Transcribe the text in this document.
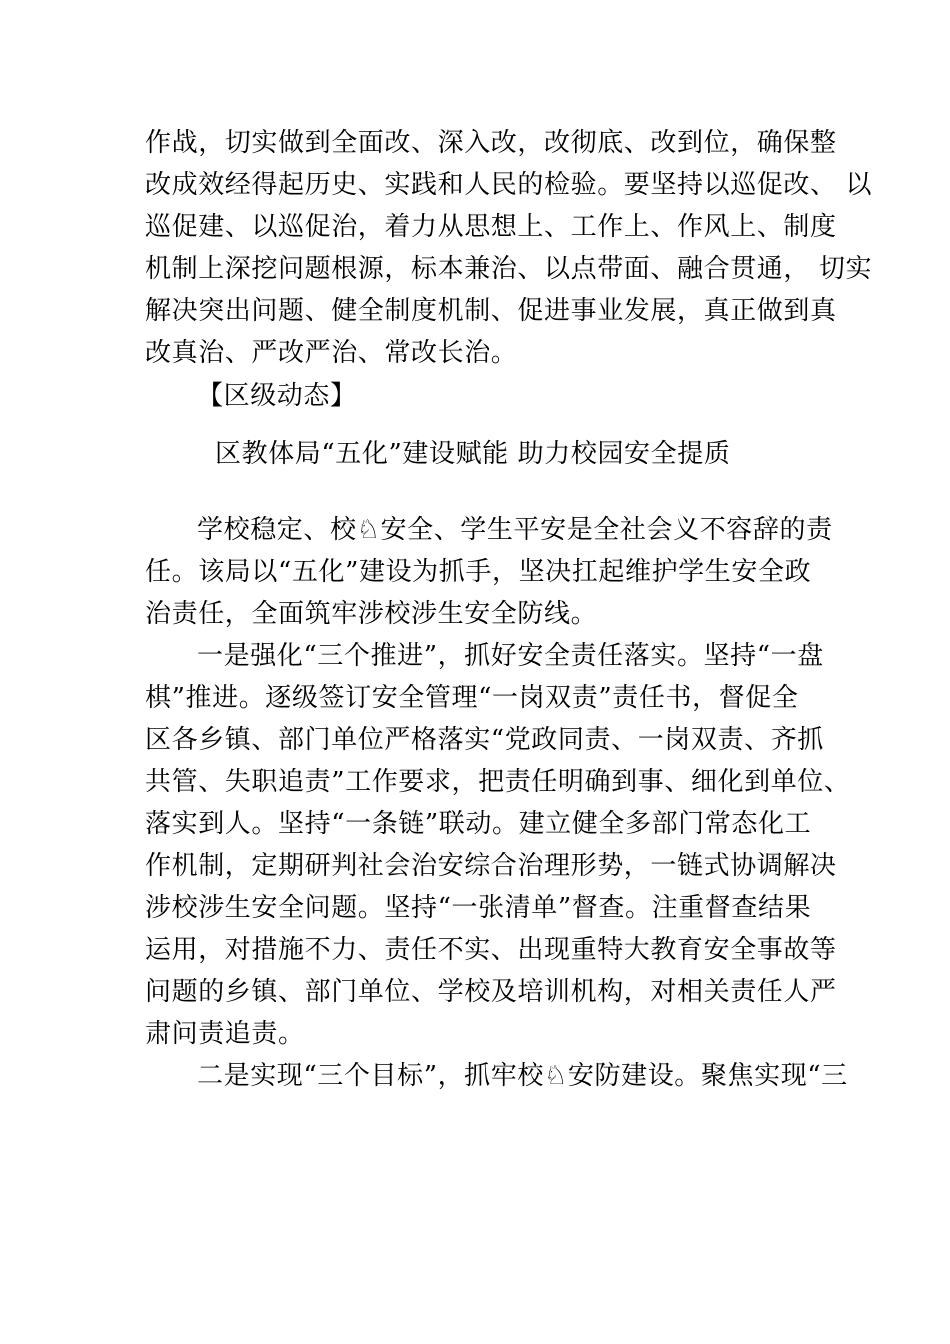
作战，切实做到全面改、深入改，改彻底、改到位，确保整
改成效经得起历史、实践和人民的检验。要坚持以巡促改、 以
巡促建、以巡促治，着力从思想上、工作上、作风上、制度
机制上深挖问题根源，标本兼治、以点带面、融合贯通， 切实
解决突出问题、健全制度机制、促进事业发展，真正做到真
改真治、严改严治、常改长治。
【区级动态】
区教体局“五化”建设赋能 助力校园安全提质
学校稳定、校♘安全、学生平安是全社会义不容辞的责
任。该局以“五化”建设为抓手，坚决扛起维护学生安全政
治责任，全面筑牢涉校涉生安全防线。
一是强化“三个推进”，抓好安全责任落实。坚持“一盘
棋”推进。逐级签订安全管理“一岗双责”责任书，督促全
区各乡镇、部门单位严格落实“党政同责、一岗双责、齐抓
共管、失职追责”工作要求，把责任明确到事、细化到单位、
落实到人。坚持“一条链”联动。建立健全多部门常态化工
作机制，定期研判社会治安综合治理形势，一链式协调解决
涉校涉生安全问题。坚持“一张清单”督查。注重督查结果
运用，对措施不力、责任不实、出现重特大教育安全事故等
问题的乡镇、部门单位、学校及培训机构，对相关责任人严
肃问责追责。
二是实现“三个目标”，抓牢校♘安防建设。聚焦实现“三
